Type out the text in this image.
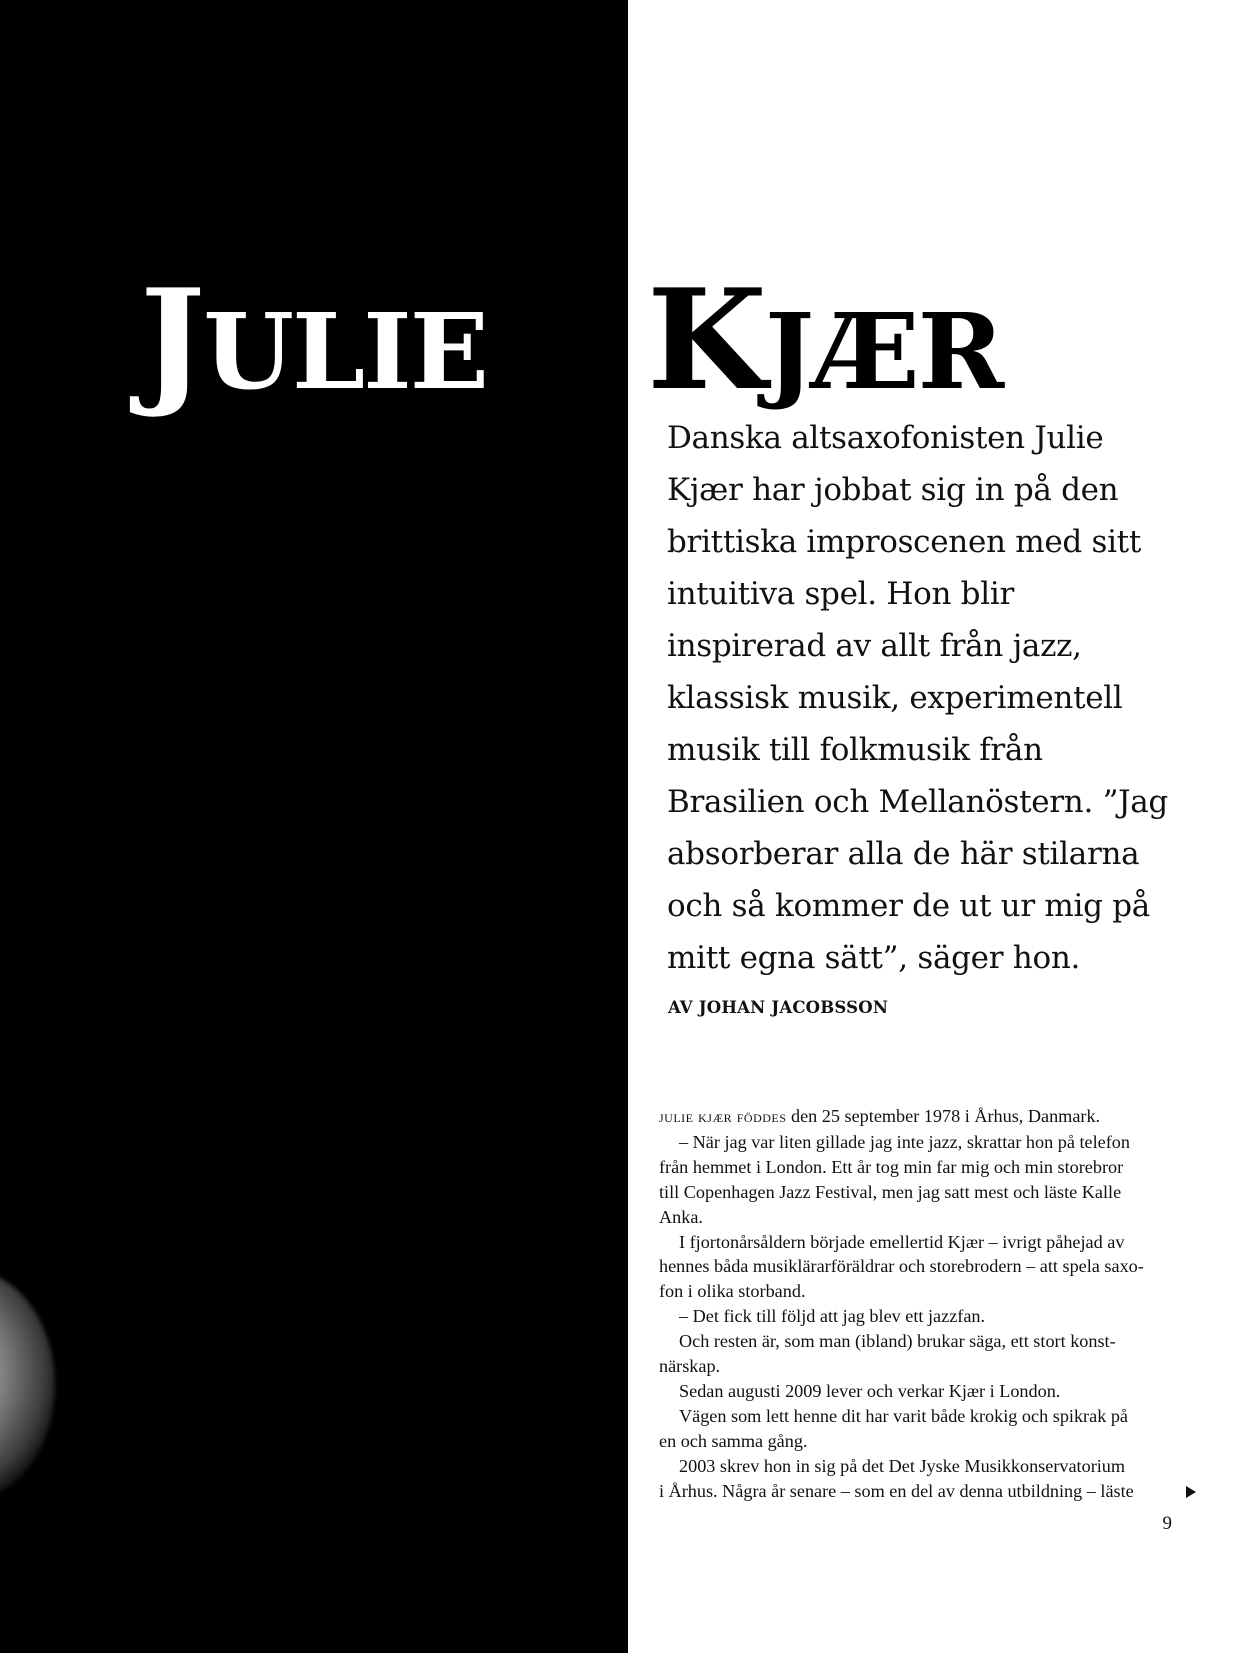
JULIE KJÆR

Danska altsaxofonisten Julie
Kjær har jobbat sig in på den
brittiska improscenen med sitt
intuitiva spel. Hon blir
inspirerad av allt från jazz,
klassisk musik, experimentell
musik till folkmusik från
Brasilien och Mellanöstern. ”Jag
absorberar alla de här stilarna
och så kommer de ut ur mig på
mitt egna sätt”, säger hon.

AV JOHAN JACOBSSON
julie kjær föddes den 25 september 1978 i Århus, Danmark.
– När jag var liten gillade jag inte jazz, skrattar hon på telefon
från hemmet i London. Ett år tog min far mig och min storebror
till Copenhagen Jazz Festival, men jag satt mest och läste Kalle
Anka.
I fjortonårsåldern började emellertid Kjær – ivrigt påhejad av
hennes båda musiklärarföräldrar och storebrodern – att spela saxo-
fon i olika storband.
– Det fick till följd att jag blev ett jazzfan.
Och resten är, som man (ibland) brukar säga, ett stort konst-
närskap.
Sedan augusti 2009 lever och verkar Kjær i London.
Vägen som lett henne dit har varit både krokig och spikrak på
en och samma gång.
2003 skrev hon in sig på det Det Jyske Musikkonservatorium
i Århus. Några år senare – som en del av denna utbildning – läste
9
